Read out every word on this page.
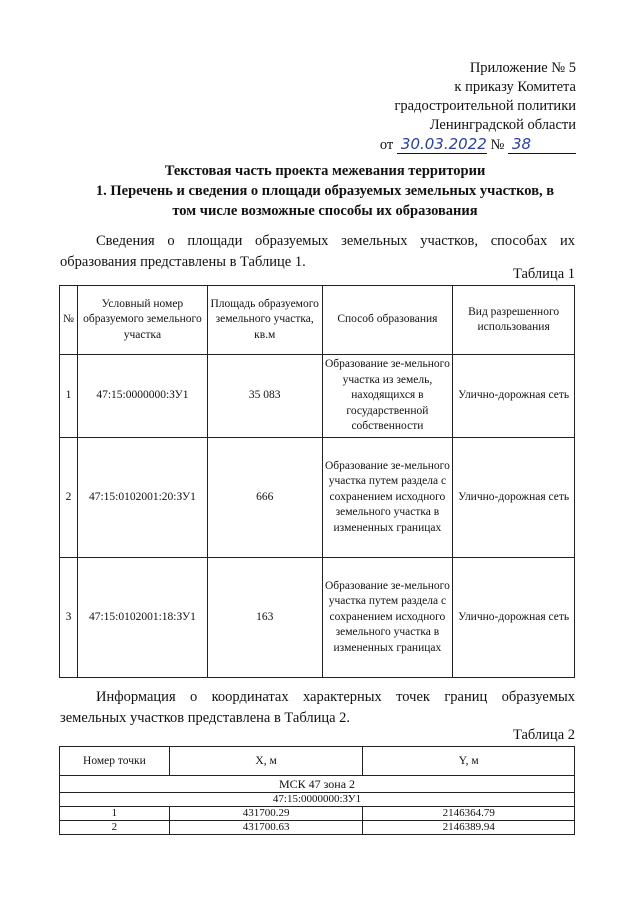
Приложение № 5
к приказу Комитета
градостроительной политики
Ленинградской области
от 30.03.2022 № 38
Текстовая часть проекта межевания территории
1. Перечень и сведения о площади образуемых земельных участков, в
том числе возможные способы их образования
Сведения о площади образуемых земельных участков, способах их образования представлены в Таблице 1.
Таблица 1
№	Условный номер образуемого земельного участка	Площадь образуемого земельного участка, кв.м	Способ образования	Вид разрешенного использования
1	47:15:0000000:ЗУ1	35 083	Образование зе-мельного участка из земель, находящихся в государственной собственности	Улично-дорожная сеть
2	47:15:0102001:20:ЗУ1	666	Образование зе-мельного участка путем раздела с сохранением исходного земельного участка в измененных границах	Улично-дорожная сеть
3	47:15:0102001:18:ЗУ1	163	Образование зе-мельного участка путем раздела с сохранением исходного земельного участка в измененных границах	Улично-дорожная сеть
Информация о координатах характерных точек границ образуемых земельных участков представлена в Таблица 2.
Таблица 2
Номер точки	X, м	Y, м
МСК 47 зона 2		
47:15:0000000:ЗУ1		
1	431700.29	2146364.79
2	431700.63	2146389.94
